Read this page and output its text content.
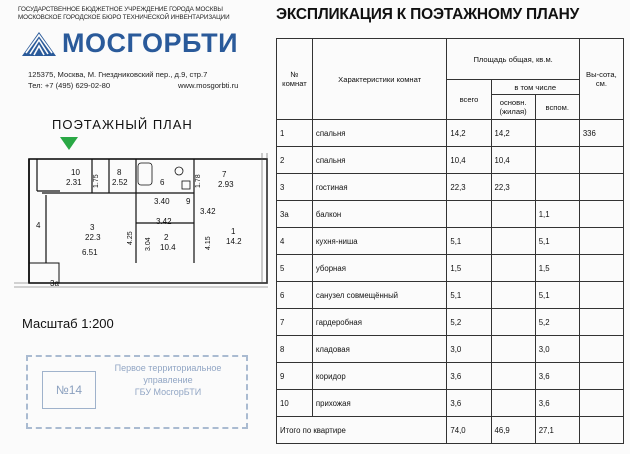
ГОСУДАРСТВЕННОЕ БЮДЖЕТНОЕ УЧРЕЖДЕНИЕ ГОРОДА МОСКВЫ
МОСКОВСКОЕ ГОРОДСКОЕ БЮРО ТЕХНИЧЕСКОЙ ИНВЕНТАРИЗАЦИИ
МОСГОРБТИ
125375, Москва, М. Гнездниковский пер., д.9, стр.7
Тел: +7 (495) 629-02-80	www.mosgorbti.ru
ПОЭТАЖНЫЙ ПЛАН
10
2.31 1.75
8
2.52	6	1.78	7
2.93
3.40 9
3.42
3.42
4	3
22.3	4.25 3.04 2
10.4	4.15
1
14.2
6.51
3а
Масштаб 1:200
№14
Первое территориальное
управление
ГБУ МосгорБТИ
ЭКСПЛИКАЦИЯ К ПОЭТАЖНОМУ ПЛАНУ
№ комнат	Характеристики комнат	Площадь общая, кв.м.			Вы-сота, см.
		всего	в том числе		
			основн. (жилая)	вспом.	
1	спальня	14,2	14,2		336
2	спальня	10,4	10,4		
3	гостиная	22,3	22,3		
3а	балкон			1,1	
4	кухня-ниша	5,1		5,1	
5	уборная	1,5		1,5	
6	санузел совмещённый	5,1		5,1	
7	гардеробная	5,2		5,2	
8	кладовая	3,0		3,0	
9	коридор	3,6		3,6	
10	прихожая	3,6		3,6	
Итого по квартире		74,0	46,9	27,1	
